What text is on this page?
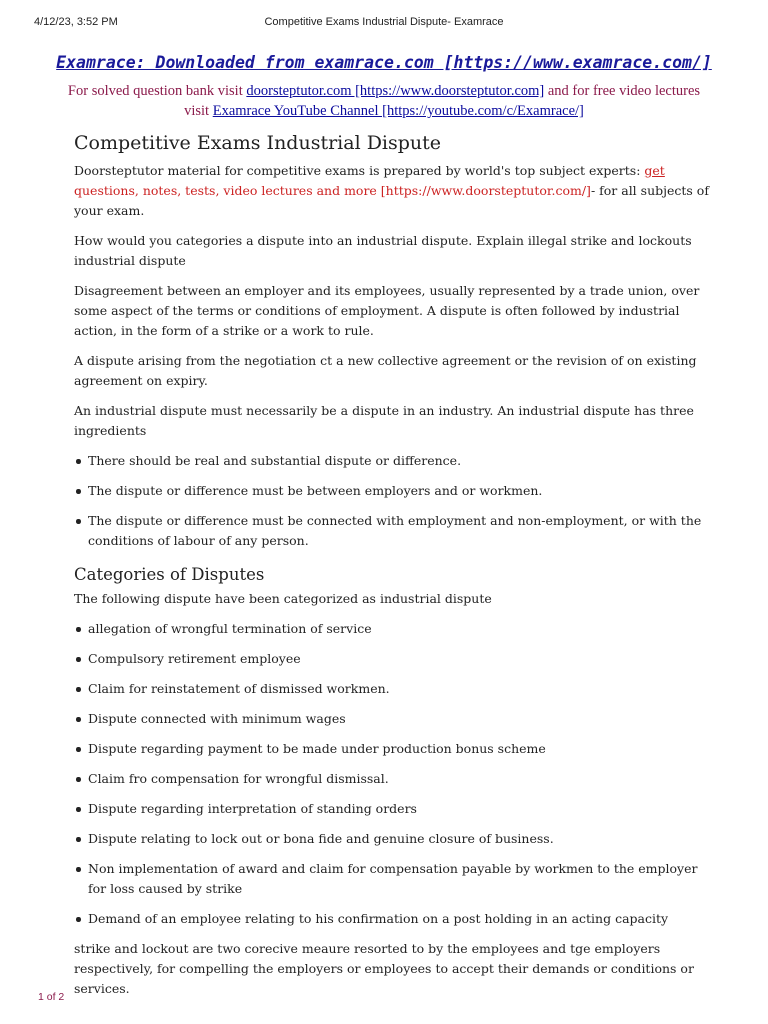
4/12/23, 3:52 PM	Competitive Exams Industrial Dispute- Examrace
Examrace: Downloaded from examrace.com [https://www.examrace.com/]
For solved question bank visit doorsteptutor.com [https://www.doorsteptutor.com] and for free video lectures visit Examrace YouTube Channel [https://youtube.com/c/Examrace/]
Competitive Exams Industrial Dispute

Doorsteptutor material for competitive exams is prepared by world's top subject experts: get questions, notes, tests, video lectures and more [https://www.doorsteptutor.com/]- for all subjects of your exam.

How would you categories a dispute into an industrial dispute. Explain illegal strike and lockouts industrial dispute

Disagreement between an employer and its employees, usually represented by a trade union, over some aspect of the terms or conditions of employment. A dispute is often followed by industrial action, in the form of a strike or a work to rule.

A dispute arising from the negotiation ct a new collective agreement or the revision of on existing agreement on expiry.

An industrial dispute must necessarily be a dispute in an industry. An industrial dispute has three ingredients

There should be real and substantial dispute or difference.
The dispute or difference must be between employers and or workmen.
The dispute or difference must be connected with employment and non-employment, or with the conditions of labour of any person.
Categories of Disputes

The following dispute have been categorized as industrial dispute

allegation of wrongful termination of service
Compulsory retirement employee
Claim for reinstatement of dismissed workmen.
Dispute connected with minimum wages
Dispute regarding payment to be made under production bonus scheme
Claim fro compensation for wrongful dismissal.
Dispute regarding interpretation of standing orders
Dispute relating to lock out or bona fide and genuine closure of business.
Non implementation of award and claim for compensation payable by workmen to the employer for loss caused by strike
Demand of an employee relating to his confirmation on a post holding in an acting capacity

strike and lockout are two corecive meaure resorted to by the employees and tge employers respectively, for compelling the employers or employees to accept their demands or conditions or services.

1 of 2
